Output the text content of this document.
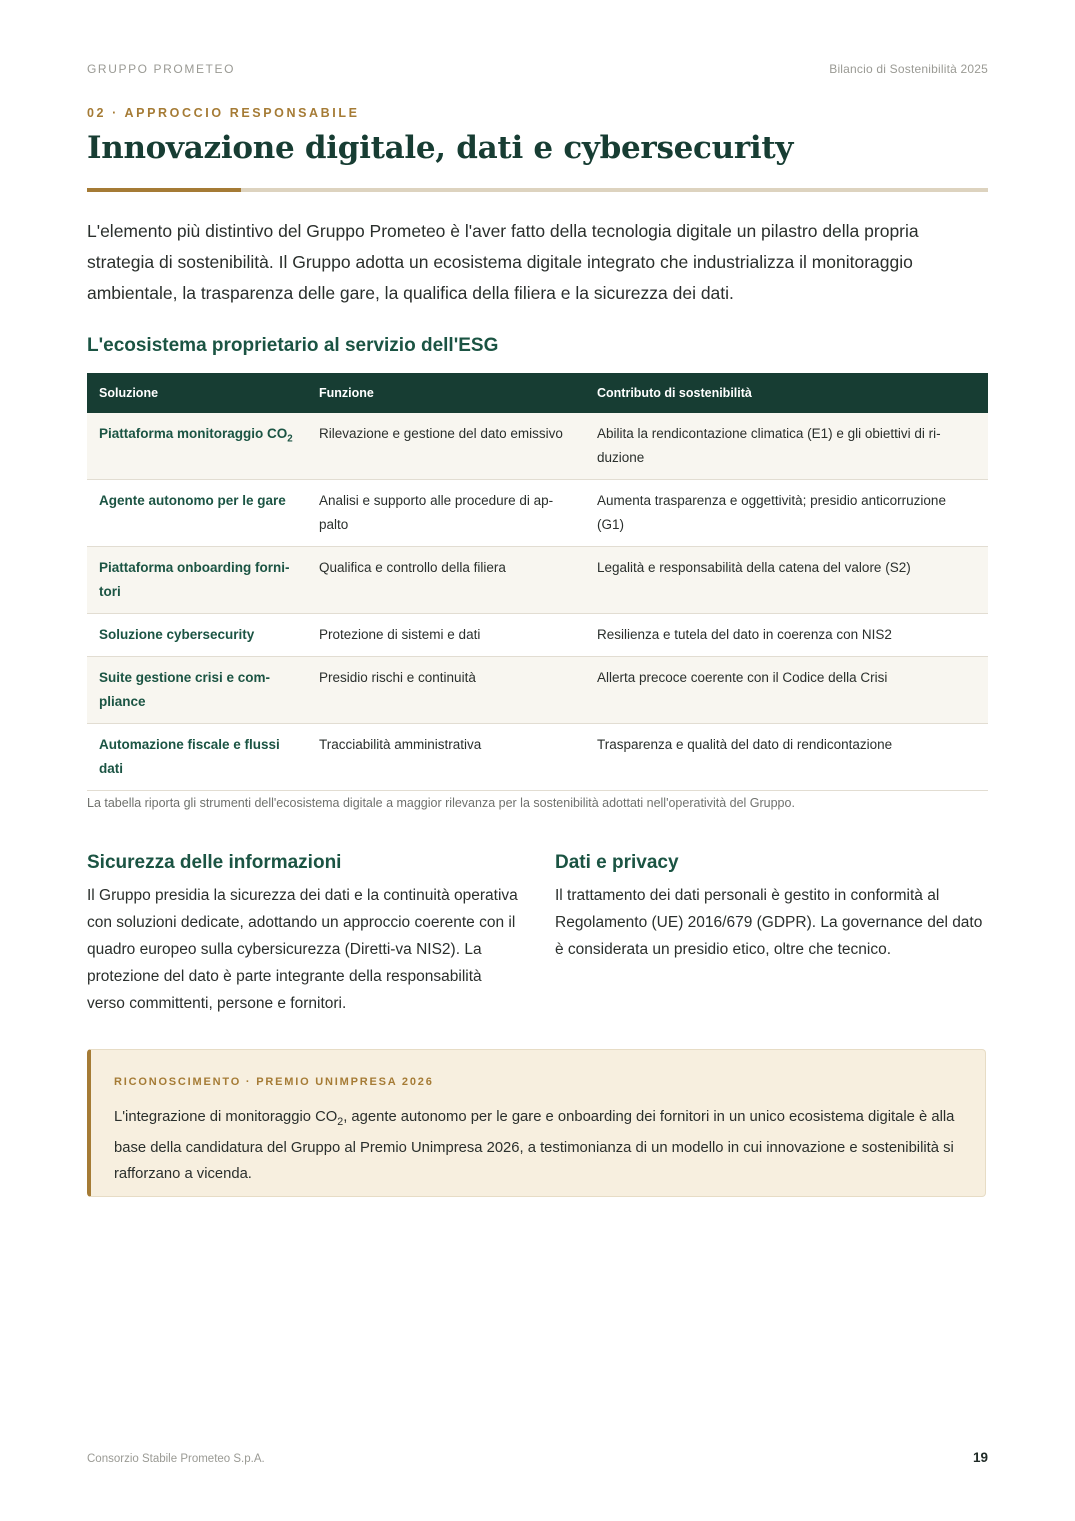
GRUPPO PROMETEO	Bilancio di Sostenibilità 2025
02 · APPROCCIO RESPONSABILE
Innovazione digitale, dati e cybersecurity

L'elemento più distintivo del Gruppo Prometeo è l'aver fatto della tecnologia digitale un pilastro della propria strategia di sostenibilità. Il Gruppo adotta un ecosistema digitale integrato che industrializza il monitoraggio ambientale, la trasparenza delle gare, la qualifica della filiera e la sicurezza dei dati.

L'ecosistema proprietario al servizio dell'ESG
Soluzione	Funzione	Contributo di sostenibilità
Piattaforma monitoraggio $CO_2$	Rilevazione e gestione del dato emissivo	Abilita la rendicontazione climatica (E1) e gli obiettivi di ri-duzione
Agente autonomo per le gare	Analisi e supporto alle procedure di ap-palto	Aumenta trasparenza e oggettività; presidio anticorruzione (G1)
Piattaforma onboarding forni-tori	Qualifica e controllo della filiera	Legalità e responsabilità della catena del valore (S2)
Soluzione cybersecurity	Protezione di sistemi e dati	Resilienza e tutela del dato in coerenza con NIS2
Suite gestione crisi e com-pliance	Presidio rischi e continuità	Allerta precoce coerente con il Codice della Crisi
Automazione fiscale e flussi dati	Tracciabilità amministrativa	Trasparenza e qualità del dato di rendicontazione

La tabella riporta gli strumenti dell'ecosistema digitale a maggior rilevanza per la sostenibilità adottati nell'operatività del Gruppo.

Sicurezza delle informazioni

Il Gruppo presidia la sicurezza dei dati e la continuità operativa con soluzioni dedicate, adottando un approccio coerente con il quadro europeo sulla cybersicurezza (Diretti-va NIS2). La protezione del dato è parte integrante della responsabilità verso committenti, persone e fornitori.

Dati e privacy

Il trattamento dei dati personali è gestito in conformità al Regolamento (UE) 2016/679 (GDPR). La governance del dato è considerata un presidio etico, oltre che tecnico.

RICONOSCIMENTO · PREMIO UNIMPRESA 2026

L'integrazione di monitoraggio $CO_2$, agente autonomo per le gare e onboarding dei fornitori in un unico ecosistema digitale è alla base della candidatura del Gruppo al Premio Unimpresa 2026, a testimonianza di un modello in cui innovazione e sostenibilità si rafforzano a vicenda.

Consorzio Stabile Prometeo S.p.A.	19
